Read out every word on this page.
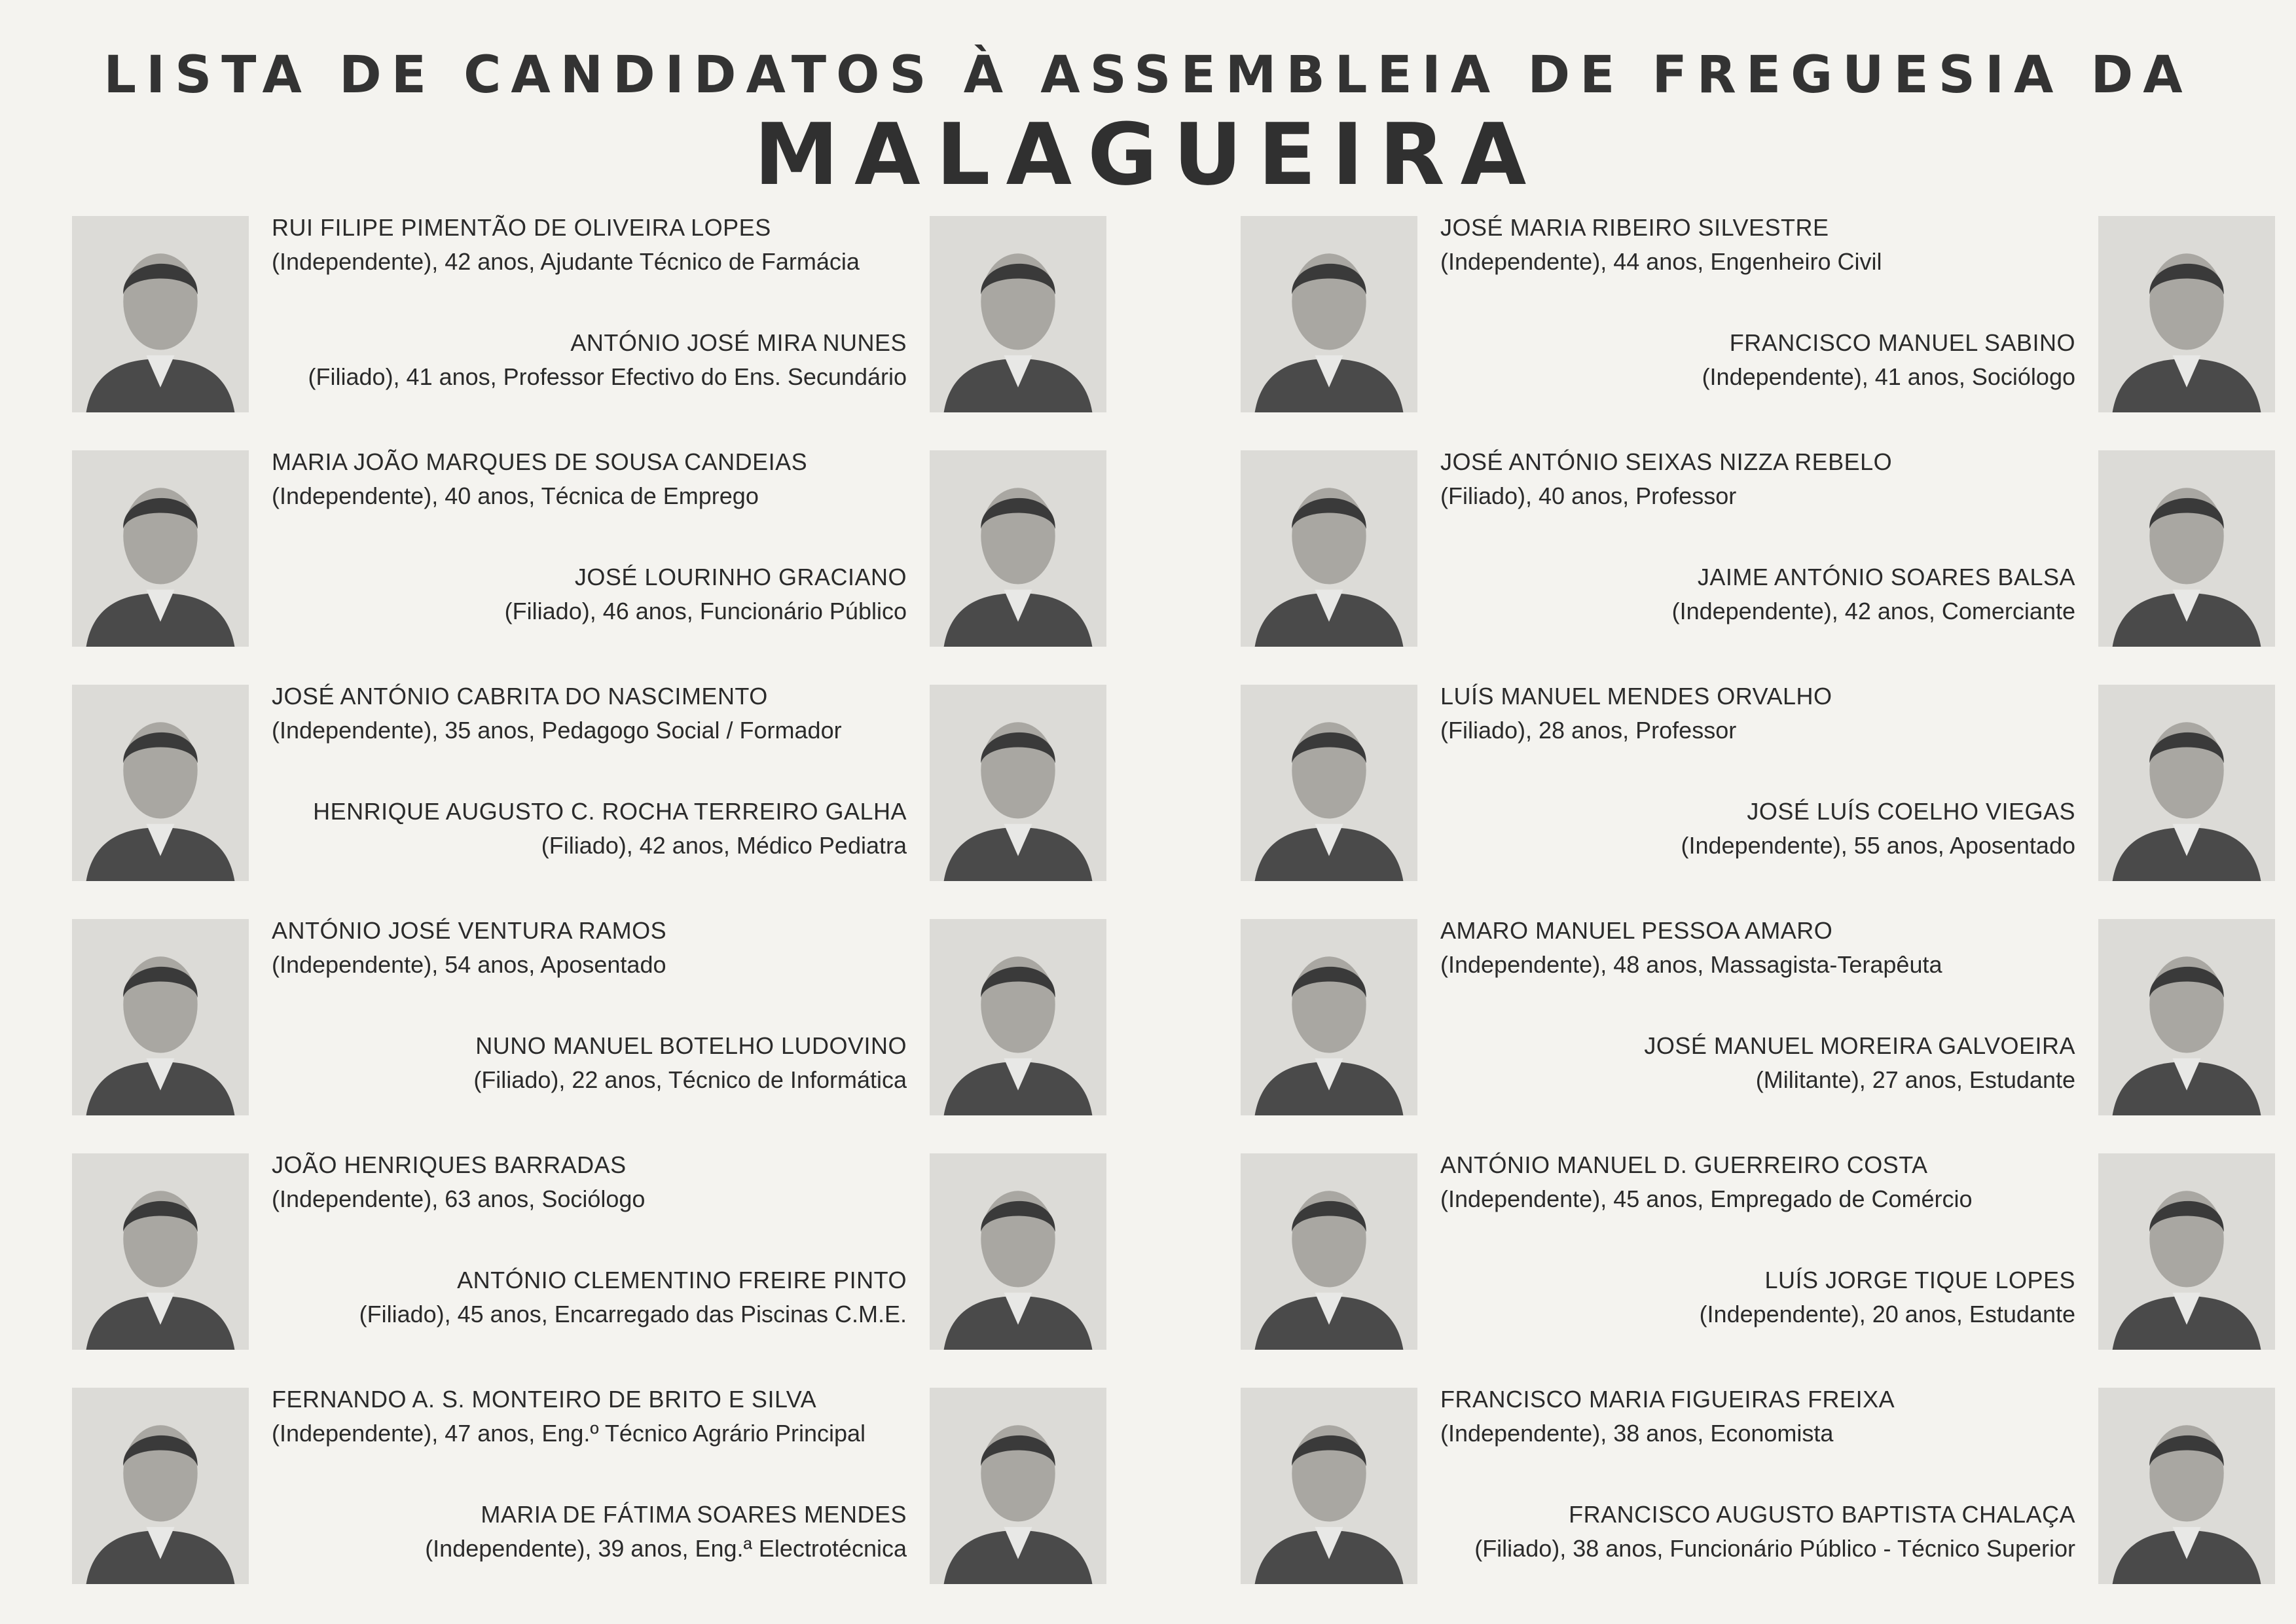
LISTA DE CANDIDATOS À ASSEMBLEIA DE FREGUESIA DA
MALAGUEIRA
RUI FILIPE PIMENTÃO DE OLIVEIRA LOPES
(Independente), 42 anos, Ajudante Técnico de Farmácia
ANTÓNIO JOSÉ MIRA NUNES
(Filiado), 41 anos, Professor Efectivo do Ens. Secundário
MARIA JOÃO MARQUES DE SOUSA CANDEIAS
(Independente), 40 anos, Técnica de Emprego
JOSÉ LOURINHO GRACIANO
(Filiado), 46 anos, Funcionário Público
JOSÉ ANTÓNIO CABRITA DO NASCIMENTO
(Independente), 35 anos, Pedagogo Social / Formador
HENRIQUE AUGUSTO C. ROCHA TERREIRO GALHA
(Filiado), 42 anos, Médico Pediatra
ANTÓNIO JOSÉ VENTURA RAMOS
(Independente), 54 anos, Aposentado
NUNO MANUEL BOTELHO LUDOVINO
(Filiado), 22 anos, Técnico de Informática
JOÃO HENRIQUES BARRADAS
(Independente), 63 anos, Sociólogo
ANTÓNIO CLEMENTINO FREIRE PINTO
(Filiado), 45 anos, Encarregado das Piscinas C.M.E.
FERNANDO A. S. MONTEIRO DE BRITO E SILVA
(Independente), 47 anos, Eng.º Técnico Agrário Principal
MARIA DE FÁTIMA SOARES MENDES
(Independente), 39 anos, Eng.ª Electrotécnica
JOSÉ MARIA RIBEIRO SILVESTRE
(Independente), 44 anos, Engenheiro Civil
FRANCISCO MANUEL SABINO
(Independente), 41 anos, Sociólogo
JOSÉ ANTÓNIO SEIXAS NIZZA REBELO
(Filiado), 40 anos, Professor
JAIME ANTÓNIO SOARES BALSA
(Independente), 42 anos, Comerciante
LUÍS MANUEL MENDES ORVALHO
(Filiado), 28 anos, Professor
JOSÉ LUÍS COELHO VIEGAS
(Independente), 55 anos, Aposentado
AMARO MANUEL PESSOA AMARO
(Independente), 48 anos, Massagista-Terapêuta
JOSÉ MANUEL MOREIRA GALVOEIRA
(Militante), 27 anos, Estudante
ANTÓNIO MANUEL D. GUERREIRO COSTA
(Independente), 45 anos, Empregado de Comércio
LUÍS JORGE TIQUE LOPES
(Independente), 20 anos, Estudante
FRANCISCO MARIA FIGUEIRAS FREIXA
(Independente), 38 anos, Economista
FRANCISCO AUGUSTO BAPTISTA CHALAÇA
(Filiado), 38 anos, Funcionário Público - Técnico Superior
